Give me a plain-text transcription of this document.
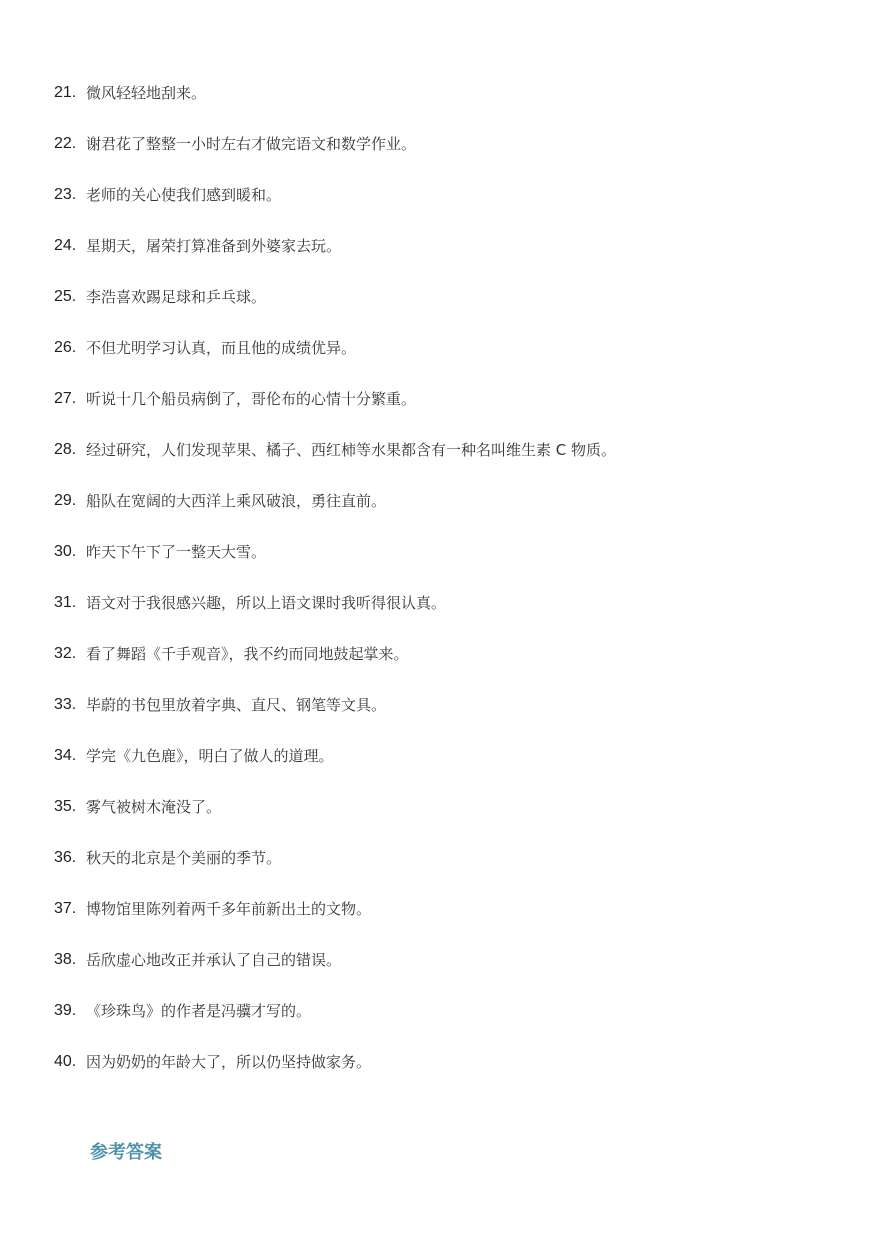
21. 微风轻轻地刮来。
22. 谢君花了整整一小时左右才做完语文和数学作业。
23. 老师的关心使我们感到暖和。
24. 星期天，屠荣打算准备到外婆家去玩。
25. 李浩喜欢踢足球和乒乓球。
26. 不但尤明学习认真，而且他的成绩优异。
27. 听说十几个船员病倒了，哥伦布的心情十分繁重。
28. 经过研究，人们发现苹果、橘子、西红柿等水果都含有一种名叫维生素 C 物质。
29. 船队在宽阔的大西洋上乘风破浪，勇往直前。
30. 昨天下午下了一整天大雪。
31. 语文对于我很感兴趣，所以上语文课时我听得很认真。
32. 看了舞蹈《千手观音》，我不约而同地鼓起掌来。
33. 毕蔚的书包里放着字典、直尺、钢笔等文具。
34. 学完《九色鹿》，明白了做人的道理。
35. 雾气被树木淹没了。
36. 秋天的北京是个美丽的季节。
37. 博物馆里陈列着两千多年前新出土的文物。
38. 岳欣虚心地改正并承认了自己的错误。
39. 《珍珠鸟》的作者是冯骥才写的。
40. 因为奶奶的年龄大了，所以仍坚持做家务。
参考答案
